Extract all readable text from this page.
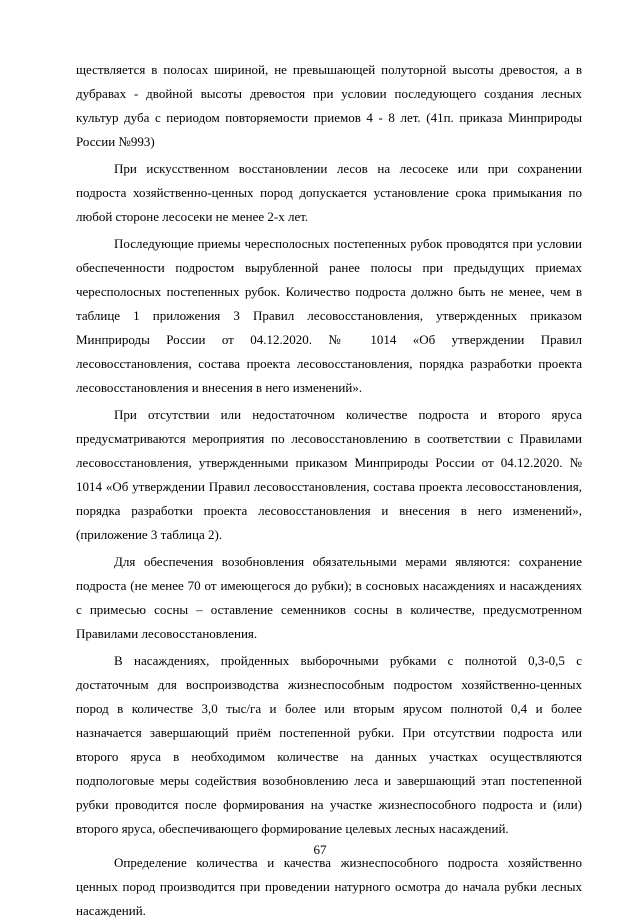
ществляется в полосах шириной, не превышающей полуторной высоты древостоя, а в дубравах - двойной высоты древостоя при условии последующего создания лесных культур дуба с периодом повторяемости приемов 4 - 8 лет. (41п. приказа Минприроды России №993)

При искусственном восстановлении лесов на лесосеке или при сохранении подроста хозяйственно-ценных пород допускается установление срока примыкания по любой стороне лесосеки не менее 2-х лет.

Последующие приемы чересполосных постепенных рубок проводятся при условии обеспеченности подростом вырубленной ранее полосы при предыдущих приемах чересполосных постепенных рубок. Количество подроста должно быть не менее, чем в таблице 1 приложения 3 Правил лесовосстановления, утвержденных приказом Минприроды России от 04.12.2020. № 1014 «Об утверждении Правил лесовосстановления, состава проекта лесовосстановления, порядка разработки проекта лесовосстановления и внесения в него изменений».

При отсутствии или недостаточном количестве подроста и второго яруса предусматриваются мероприятия по лесовосстановлению в соответствии с Правилами лесовосстановления, утвержденными приказом Минприроды России от 04.12.2020. № 1014 «Об утверждении Правил лесовосстановления, состава проекта лесовосстановления, порядка разработки проекта лесовосстановления и внесения в него изменений», (приложение 3 таблица 2).

Для обеспечения возобновления обязательными мерами являются: сохранение подроста (не менее 70 от имеющегося до рубки); в сосновых насаждениях и насаждениях с примесью сосны – оставление семенников сосны в количестве, предусмотренном Правилами лесовосстановления.

В насаждениях, пройденных выборочными рубками с полнотой 0,3-0,5 с достаточным для воспроизводства жизнеспособным подростом хозяйственно-ценных пород в количестве 3,0 тыс/га и более или вторым ярусом полнотой 0,4 и более назначается завершающий приём постепенной рубки. При отсутствии подроста или второго яруса в необходимом количестве на данных участках осуществляются подпологовые меры содействия возобновлению леса и завершающий этап постепенной рубки проводится после формирования на участке жизнеспособного подроста и (или) второго яруса, обеспечивающего формирование целевых лесных насаждений.

Определение количества и качества жизнеспособного подроста хозяйственно ценных пород производится при проведении натурного осмотра до начала рубки лесных насаждений.

67
